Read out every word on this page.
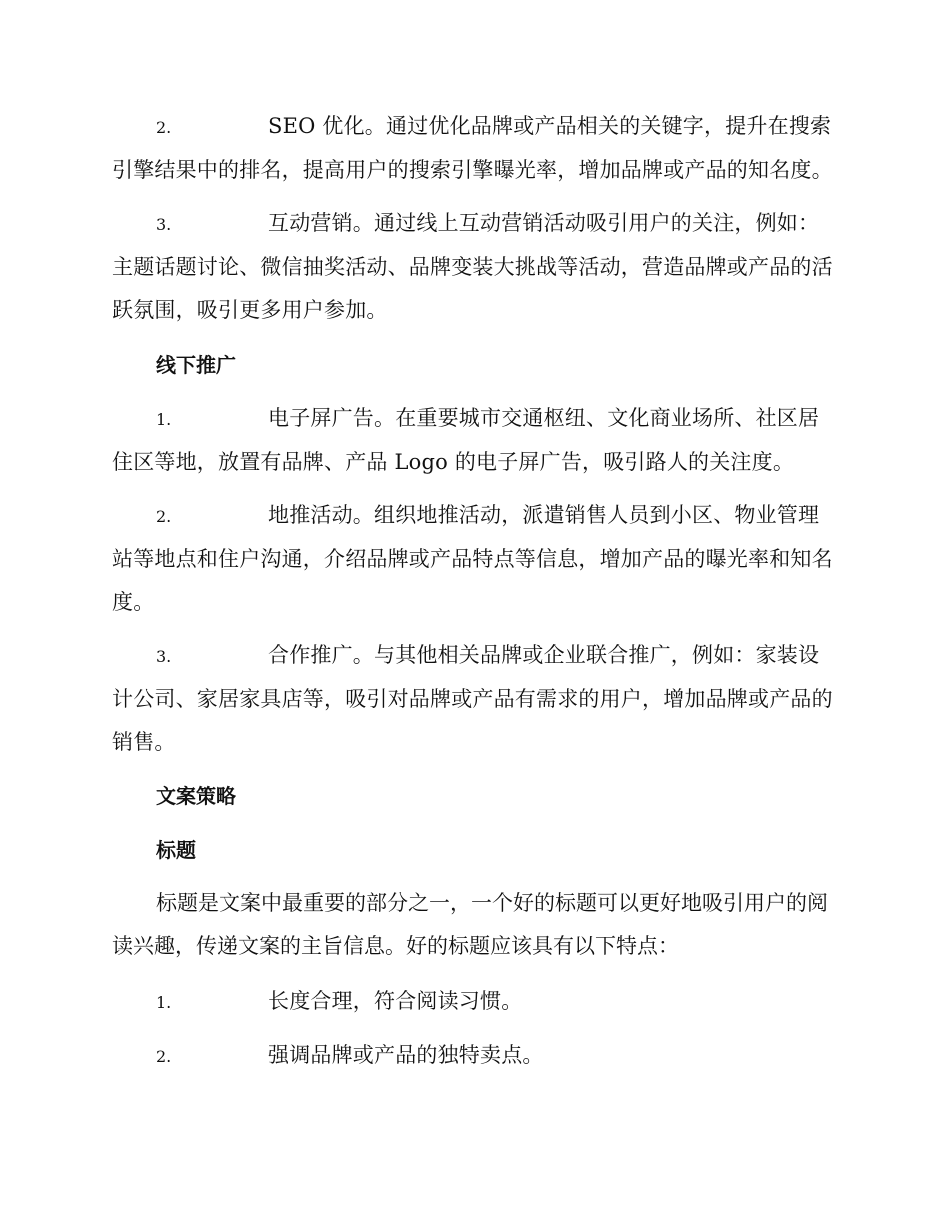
2.	SEO 优化。通过优化品牌或产品相关的关键字，提升在搜索引擎结果中的排名，提高用户的搜索引擎曝光率，增加品牌或产品的知名度。
3.	互动营销。通过线上互动营销活动吸引用户的关注，例如：主题话题讨论、微信抽奖活动、品牌变装大挑战等活动，营造品牌或产品的活跃氛围，吸引更多用户参加。
线下推广
1.	电子屏广告。在重要城市交通枢纽、文化商业场所、社区居住区等地，放置有品牌、产品 Logo 的电子屏广告，吸引路人的关注度。
2.	地推活动。组织地推活动，派遣销售人员到小区、物业管理站等地点和住户沟通，介绍品牌或产品特点等信息，增加产品的曝光率和知名度。
3.	合作推广。与其他相关品牌或企业联合推广，例如：家装设计公司、家居家具店等，吸引对品牌或产品有需求的用户，增加品牌或产品的销售。
文案策略
标题
标题是文案中最重要的部分之一，一个好的标题可以更好地吸引用户的阅读兴趣，传递文案的主旨信息。好的标题应该具有以下特点：
1.	长度合理，符合阅读习惯。
2.	强调品牌或产品的独特卖点。
